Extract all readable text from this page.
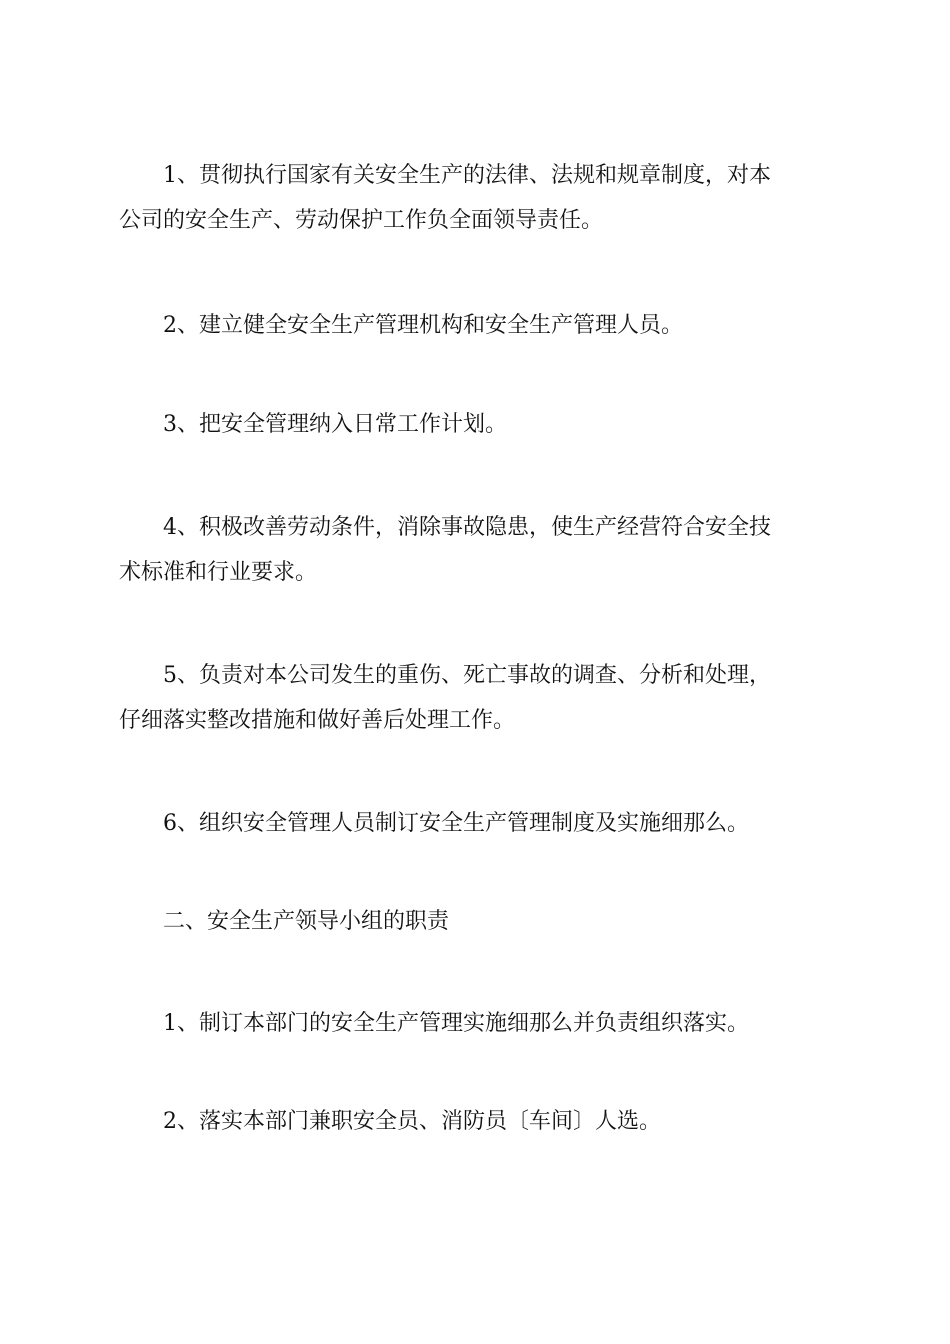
1、贯彻执行国家有关安全生产的法律、法规和规章制度，对本
公司的安全生产、劳动保护工作负全面领导责任。

2、建立健全安全生产管理机构和安全生产管理人员。

3、把安全管理纳入日常工作计划。

4、积极改善劳动条件，消除事故隐患，使生产经营符合安全技
术标准和行业要求。

5、负责对本公司发生的重伤、死亡事故的调查、分析和处理，
仔细落实整改措施和做好善后处理工作。

6、组织安全管理人员制订安全生产管理制度及实施细那么。

二、安全生产领导小组的职责

1、制订本部门的安全生产管理实施细那么并负责组织落实。

2、落实本部门兼职安全员、消防员〔车间〕人选。
